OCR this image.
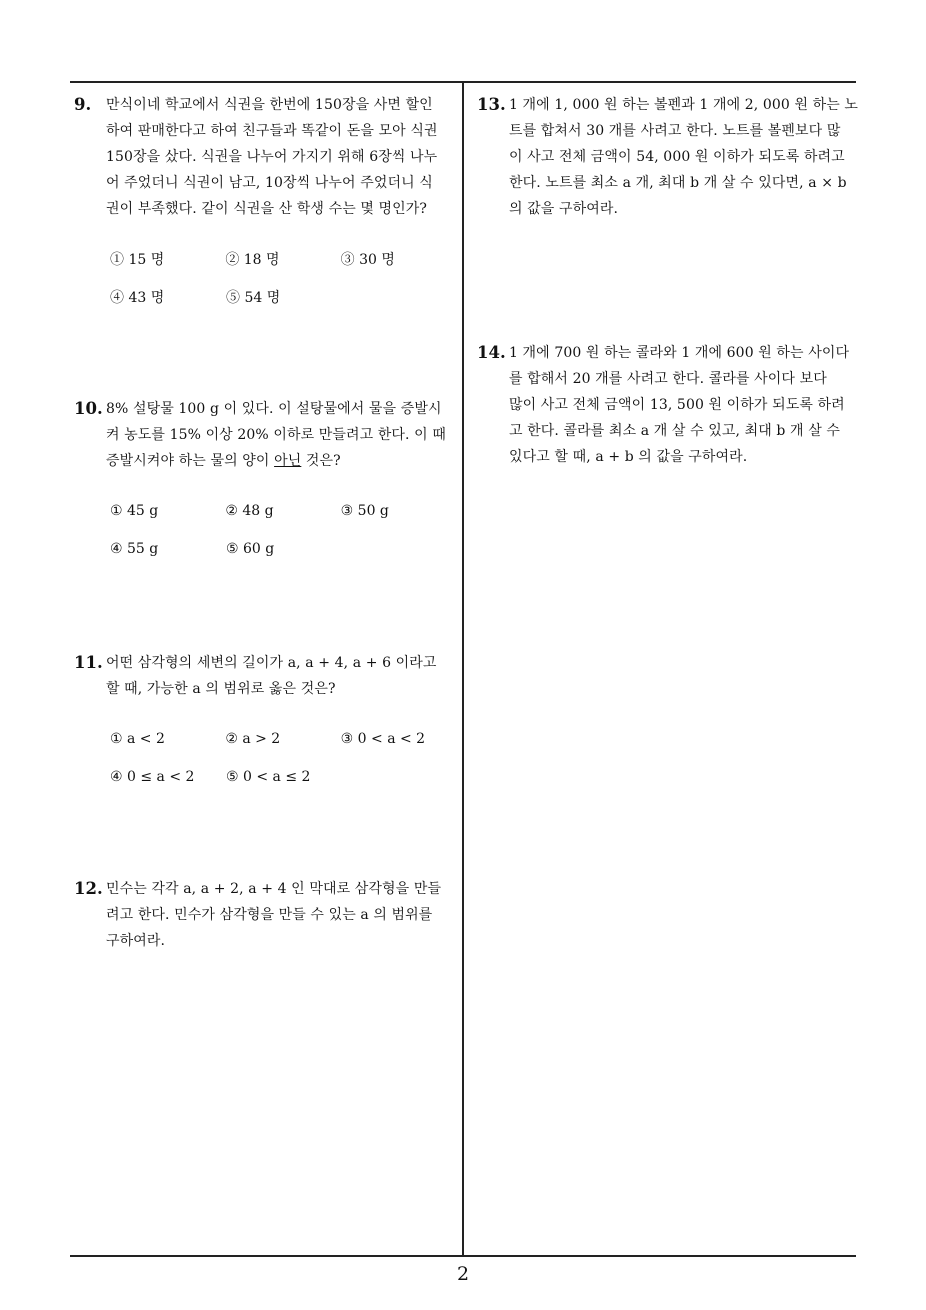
9. 만식이네 학교에서 식권을 한번에 150장을 사면 할인
하여 판매한다고 하여 친구들과 똑같이 돈을 모아 식권
150장을 샀다. 식권을 나누어 가지기 위해 6장씩 나누
어 주었더니 식권이 남고, 10장씩 나누어 주었더니 식
권이 부족했다. 같이 식권을 산 학생 수는 몇 명인가?
① 15 명	② 18 명	③ 30 명
④ 43 명	⑤ 54 명
10. 8% 설탕물 100 g 이 있다. 이 설탕물에서 물을 증발시
켜 농도를 15% 이상 20% 이하로 만들려고 한다. 이 때
증발시켜야 하는 물의 양이 아닌 것은?
① 45 g	② 48 g	③ 50 g
④ 55 g	⑤ 60 g
11. 어떤 삼각형의 세변의 길이가 a, a + 4, a + 6 이라고
할 때, 가능한 a 의 범위로 옳은 것은?
① a < 2	② a > 2	③ 0 < a < 2
④ 0 ≤ a < 2	⑤ 0 < a ≤ 2
12. 민수는 각각 a, a + 2, a + 4 인 막대로 삼각형을 만들
려고 한다. 민수가 삼각형을 만들 수 있는 a 의 범위를
구하여라.
13. 1 개에 1, 000 원 하는 볼펜과 1 개에 2, 000 원 하는 노
트를 합쳐서 30 개를 사려고 한다. 노트를 볼펜보다 많
이 사고 전체 금액이 54, 000 원 이하가 되도록 하려고
한다. 노트를 최소 a 개, 최대 b 개 살 수 있다면, a × b
의 값을 구하여라.
14. 1 개에 700 원 하는 콜라와 1 개에 600 원 하는 사이다
를 합해서 20 개를 사려고 한다. 콜라를 사이다 보다
많이 사고 전체 금액이 13, 500 원 이하가 되도록 하려
고 한다. 콜라를 최소 a 개 살 수 있고, 최대 b 개 살 수
있다고 할 때, a + b 의 값을 구하여라.
2
